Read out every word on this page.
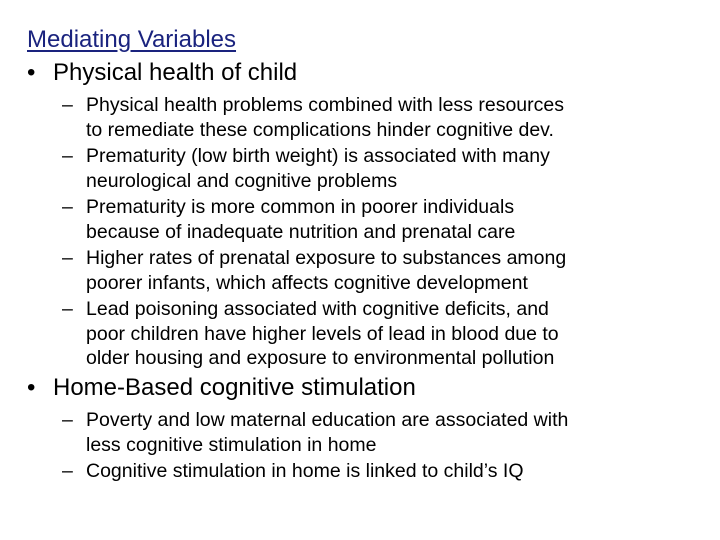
Mediating Variables
• Physical health of child
– Physical health problems combined with less resources
to remediate these complications hinder cognitive dev.
– Prematurity (low birth weight) is associated with many
neurological and cognitive problems
– Prematurity is more common in poorer individuals
because of inadequate nutrition and prenatal care
– Higher rates of prenatal exposure to substances among
poorer infants, which affects cognitive development
– Lead poisoning associated with cognitive deficits, and
poor children have higher levels of lead in blood due to
older housing and exposure to environmental pollution
• Home-Based cognitive stimulation
– Poverty and low maternal education are associated with
less cognitive stimulation in home
– Cognitive stimulation in home is linked to child’s IQ
